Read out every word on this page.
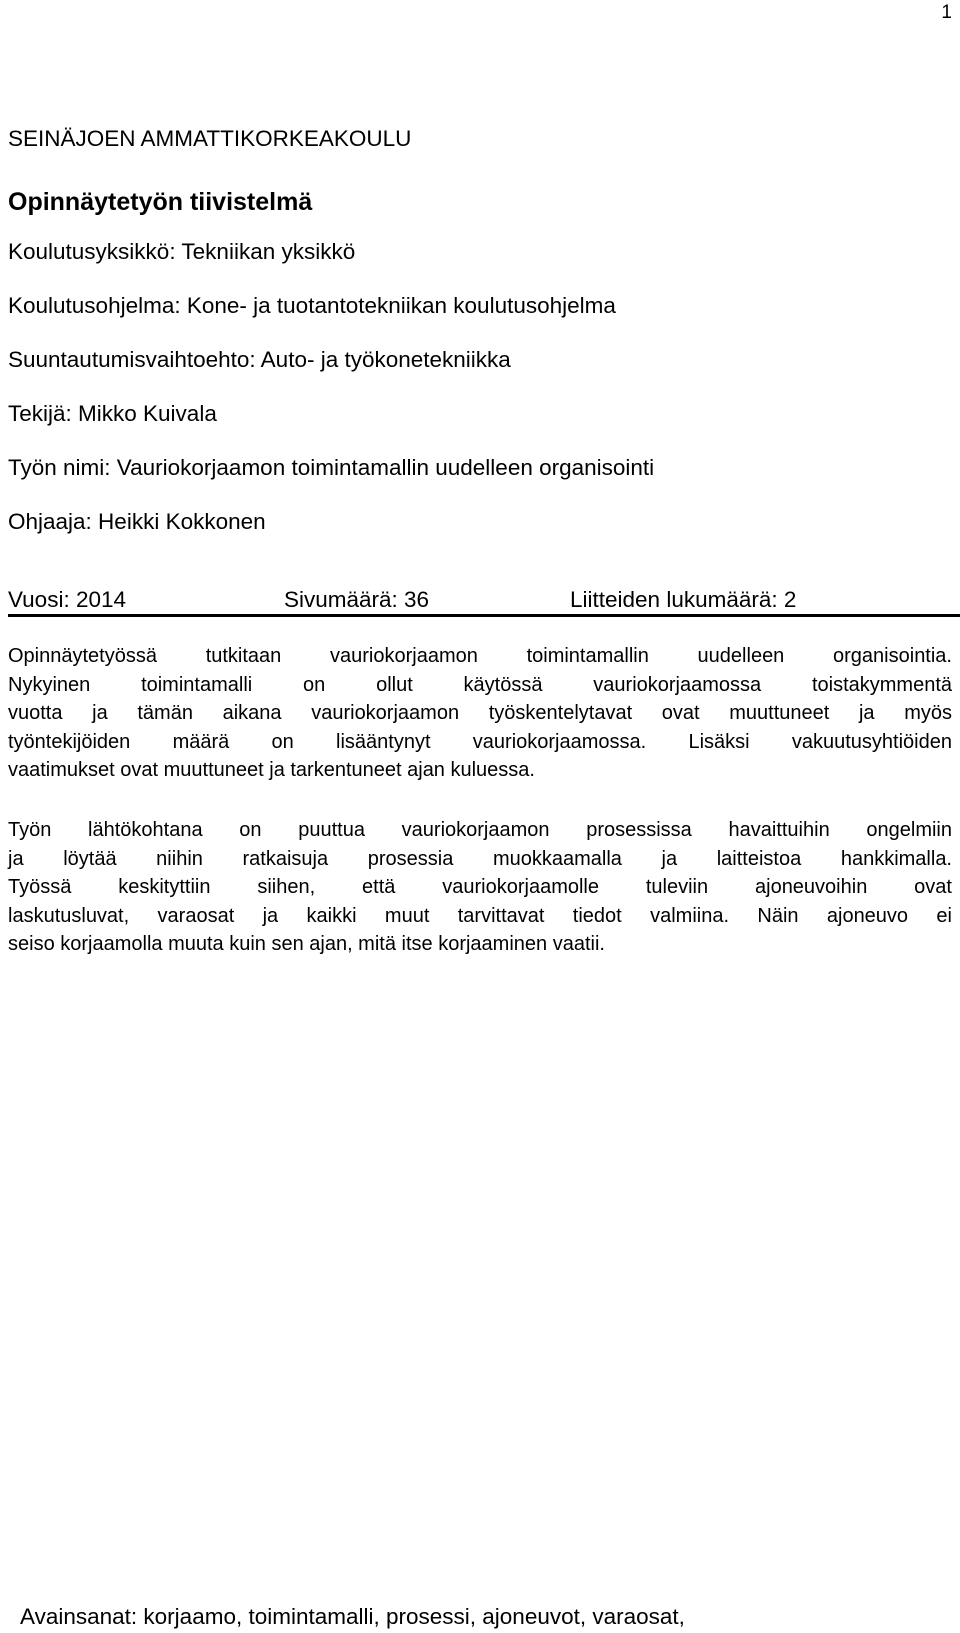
1
SEINÄJOEN AMMATTIKORKEAKOULU
Opinnäytetyön tiivistelmä
Koulutusyksikkö: Tekniikan yksikkö
Koulutusohjelma: Kone- ja tuotantotekniikan koulutusohjelma
Suuntautumisvaihtoehto: Auto- ja työkonetekniikka
Tekijä: Mikko Kuivala
Työn nimi: Vauriokorjaamon toimintamallin uudelleen organisointi
Ohjaaja: Heikki Kokkonen
Vuosi: 2014	Sivumäärä: 36	Liitteiden lukumäärä: 2
Opinnäytetyössä tutkitaan vauriokorjaamon toimintamallin uudelleen organisointia.
Nykyinen toimintamalli on ollut käytössä vauriokorjaamossa toistakymmentä
vuotta ja tämän aikana vauriokorjaamon työskentelytavat ovat muuttuneet ja myös
työntekijöiden määrä on lisääntynyt vauriokorjaamossa. Lisäksi vakuutusyhtiöiden
vaatimukset ovat muuttuneet ja tarkentuneet ajan kuluessa.
Työn lähtökohtana on puuttua vauriokorjaamon prosessissa havaittuihin ongelmiin
ja löytää niihin ratkaisuja prosessia muokkaamalla ja laitteistoa hankkimalla.
Työssä keskityttiin siihen, että vauriokorjaamolle tuleviin ajoneuvoihin ovat
laskutusluvat, varaosat ja kaikki muut tarvittavat tiedot valmiina. Näin ajoneuvo ei
seiso korjaamolla muuta kuin sen ajan, mitä itse korjaaminen vaatii.
Avainsanat: korjaamo, toimintamalli, prosessi, ajoneuvot, varaosat,
